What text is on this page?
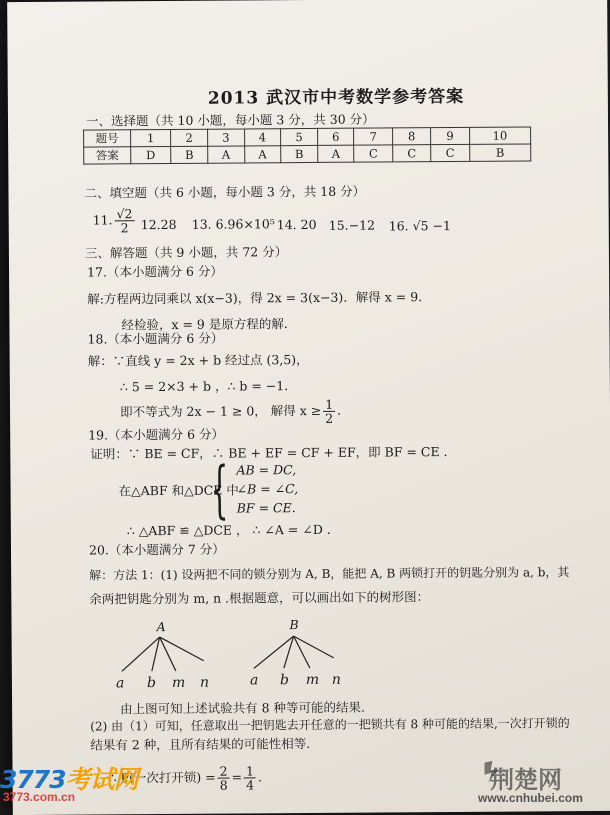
2013 武汉市中考数学参考答案
一、选择题（共 10 小题，每小题 3 分，共 30 分）
题号	1	2	3	4	5	6	7	8	9	10
答案	D	B	A	A	B	A	C	C	C	B
二、填空题（共 6 小题，每小题 3 分，共 18 分）
11. $\frac{√2}{2} 12.28$ 13. 6.96×10⁵ 14. 20 15.−12 16. √5 −1
三、解答题（共 9 小题，共 72 分）
17.（本小题满分 6 分）
解:方程两边同乘以 x(x−3)，得 2x = 3(x−3)．解得 x = 9．
经检验，x = 9 是原方程的解．
18.（本小题满分 6 分）
解：∵直线 y = 2x + b 经过点 (3,5)，
∴ 5 = 2×3 + b ，∴ b = −1．
即不等式为 2x − 1 ≥ 0， 解得 $x \ge \frac{1}{2}$ ．
19.（本小题满分 6 分）
证明：∵ BE = CF，∴ BE + EF = CF + EF，即 BF = CE ．
在△ABF 和△DCE 中
{ AB = DC,
∠B = ∠C,
BF = CE.
∴ △ABF ≌ △DCE ， ∴ ∠A = ∠D ．
20.（本小题满分 7 分）
解：方法 1：(1) 设两把不同的锁分别为 A, B，能把 A, B 两锁打开的钥匙分别为 a, b，其
余两把钥匙分别为 m, n .根据题意，可以画出如下的树形图：
A	B
a b m n	a b m n
由上图可知上述试验共有 8 种等可能的结果.
(2) 由（1）可知，任意取出一把钥匙去开任意的一把锁共有 8 种可能的结果,一次打开锁的
结果有 2 种，且所有结果的可能性相等.
∴ P(一次打开锁) = $\frac{2}{8} = \frac{1}{4}$ .
3773考试网
3773.com.cn
荆楚网
www.cnhubei.com
